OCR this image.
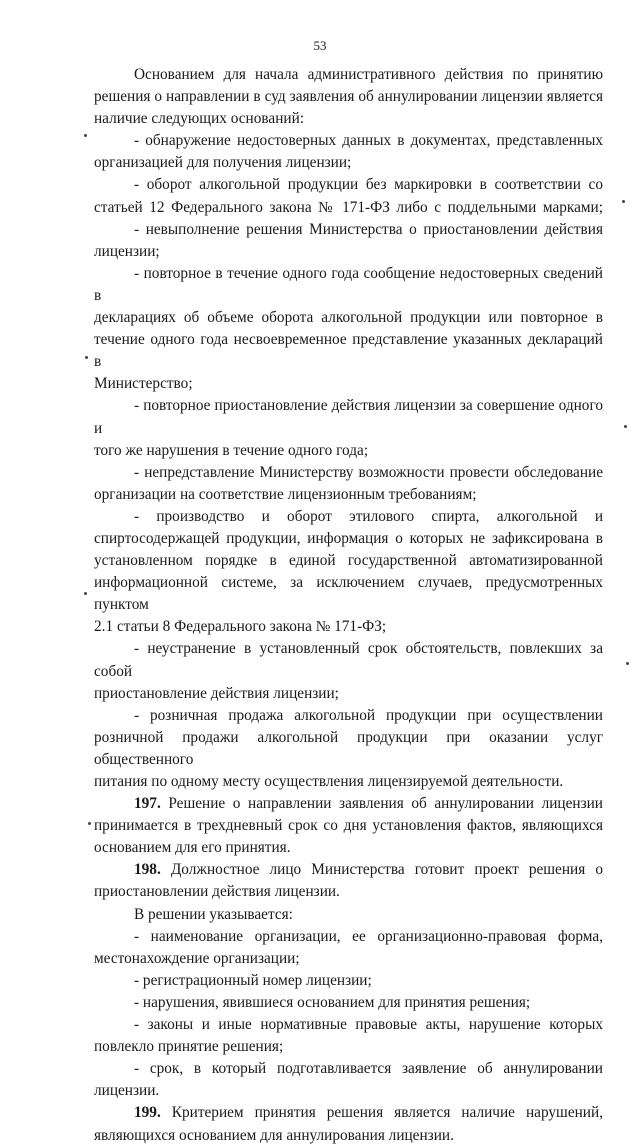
53
Основанием для начала административного действия по принятию
решения о направлении в суд заявления об аннулировании лицензии является
наличие следующих оснований:
- обнаружение недостоверных данных в документах, представленных
организацией для получения лицензии;
- оборот алкогольной продукции без маркировки в соответствии со
статьей 12 Федерального закона № 171-ФЗ либо с поддельными марками;
- невыполнение решения Министерства о приостановлении действия
лицензии;
- повторное в течение одного года сообщение недостоверных сведений в
декларациях об объеме оборота алкогольной продукции или повторное в
течение одного года несвоевременное представление указанных деклараций в
Министерство;
- повторное приостановление действия лицензии за совершение одного и
того же нарушения в течение одного года;
- непредставление Министерству возможности провести обследование
организации на соответствие лицензионным требованиям;
- производство и оборот этилового спирта, алкогольной и
спиртосодержащей продукции, информация о которых не зафиксирована в
установленном порядке в единой государственной автоматизированной
информационной системе, за исключением случаев, предусмотренных пунктом
2.1 статьи 8 Федерального закона № 171-ФЗ;
- неустранение в установленный срок обстоятельств, повлекших за собой
приостановление действия лицензии;
- розничная продажа алкогольной продукции при осуществлении
розничной продажи алкогольной продукции при оказании услуг общественного
питания по одному месту осуществления лицензируемой деятельности.
197. Решение о направлении заявления об аннулировании лицензии
принимается в трехдневный срок со дня установления фактов, являющихся
основанием для его принятия.
198. Должностное лицо Министерства готовит проект решения о
приостановлении действия лицензии.
В решении указывается:
- наименование организации, ее организационно-правовая форма,
местонахождение организации;
- регистрационный номер лицензии;
- нарушения, явившиеся основанием для принятия решения;
- законы и иные нормативные правовые акты, нарушение которых
повлекло принятие решения;
- срок, в который подготавливается заявление об аннулировании
лицензии.
199. Критерием принятия решения является наличие нарушений,
являющихся основанием для аннулирования лицензии.
